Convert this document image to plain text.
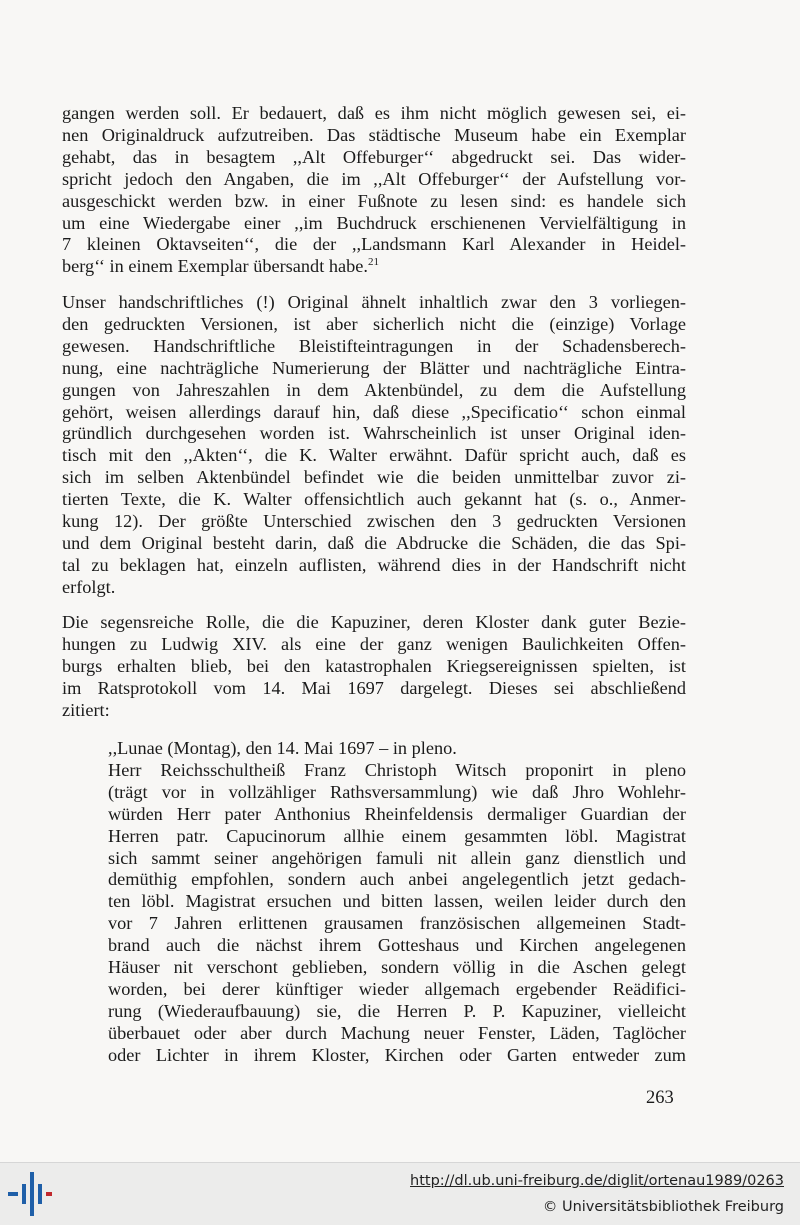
gangen werden soll. Er bedauert, daß es ihm nicht möglich gewesen sei, ei-
nen Originaldruck aufzutreiben. Das städtische Museum habe ein Exemplar
gehabt, das in besagtem ,,Alt Offeburger‘‘ abgedruckt sei. Das wider-
spricht jedoch den Angaben, die im ,,Alt Offeburger‘‘ der Aufstellung vor-
ausgeschickt werden bzw. in einer Fußnote zu lesen sind: es handele sich
um eine Wiedergabe einer ,,im Buchdruck erschienenen Vervielfältigung in
7 kleinen Oktavseiten‘‘, die der ,,Landsmann Karl Alexander in Heidel-
berg‘‘ in einem Exemplar übersandt habe.$^{21}$
Unser handschriftliches (!) Original ähnelt inhaltlich zwar den 3 vorliegen-
den gedruckten Versionen, ist aber sicherlich nicht die (einzige) Vorlage
gewesen. Handschriftliche Bleistifteintragungen in der Schadensberech-
nung, eine nachträgliche Numerierung der Blätter und nachträgliche Eintra-
gungen von Jahreszahlen in dem Aktenbündel, zu dem die Aufstellung
gehört, weisen allerdings darauf hin, daß diese ,,Specificatio‘‘ schon einmal
gründlich durchgesehen worden ist. Wahrscheinlich ist unser Original iden-
tisch mit den ,,Akten‘‘, die K. Walter erwähnt. Dafür spricht auch, daß es
sich im selben Aktenbündel befindet wie die beiden unmittelbar zuvor zi-
tierten Texte, die K. Walter offensichtlich auch gekannt hat (s. o., Anmer-
kung 12). Der größte Unterschied zwischen den 3 gedruckten Versionen
und dem Original besteht darin, daß die Abdrucke die Schäden, die das Spi-
tal zu beklagen hat, einzeln auflisten, während dies in der Handschrift nicht
erfolgt.
Die segensreiche Rolle, die die Kapuziner, deren Kloster dank guter Bezie-
hungen zu Ludwig XIV. als eine der ganz wenigen Baulichkeiten Offen-
burgs erhalten blieb, bei den katastrophalen Kriegsereignissen spielten, ist
im Ratsprotokoll vom 14. Mai 1697 dargelegt. Dieses sei abschließend
zitiert:
,,Lunae (Montag), den 14. Mai 1697 – in pleno.
Herr Reichsschultheiß Franz Christoph Witsch proponirt in pleno
(trägt vor in vollzähliger Rathsversammlung) wie daß Jhro Wohlehr-
würden Herr pater Anthonius Rheinfeldensis dermaliger Guardian der
Herren patr. Capucinorum allhie einem gesammten löbl. Magistrat
sich sammt seiner angehörigen famuli nit allein ganz dienstlich und
demüthig empfohlen, sondern auch anbei angelegentlich jetzt gedach-
ten löbl. Magistrat ersuchen und bitten lassen, weilen leider durch den
vor 7 Jahren erlittenen grausamen französischen allgemeinen Stadt-
brand auch die nächst ihrem Gotteshaus und Kirchen angelegenen
Häuser nit verschont geblieben, sondern völlig in die Aschen gelegt
worden, bei derer künftiger wieder allgemach ergebender Reädifici-
rung (Wiederaufbauung) sie, die Herren P. P. Kapuziner, vielleicht
überbauet oder aber durch Machung neuer Fenster, Läden, Taglöcher
oder Lichter in ihrem Kloster, Kirchen oder Garten entweder zum
263
http://dl.ub.uni-freiburg.de/diglit/ortenau1989/0263
© Universitätsbibliothek Freiburg
